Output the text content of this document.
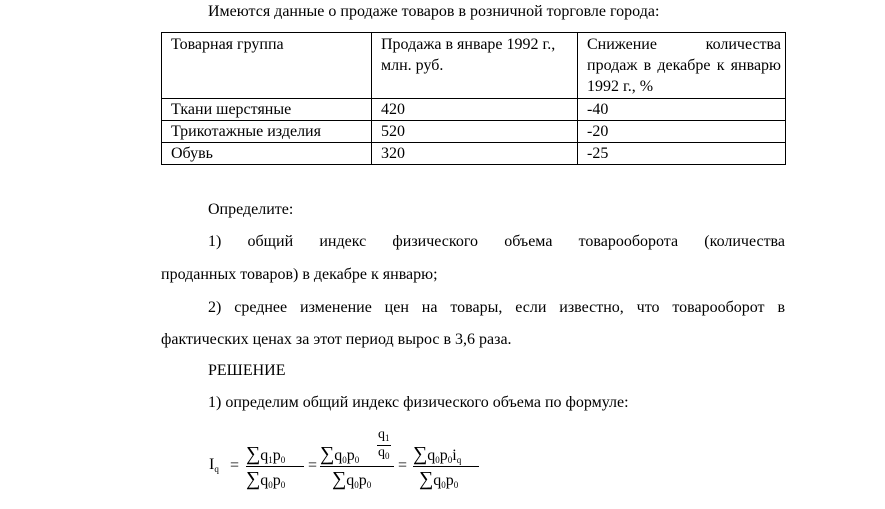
Имеются данные о продаже товаров в розничной торговле города:
Товарная группа	Продажа в январе 1992 г., млн. руб.	Снижение количества продаж в декабре к январю 1992 г., %
Ткани шерстяные	420	-40
Трикотажные изделия	520	-20
Обувь	320	-25
Определите:
1) общий индекс физического объема товарооборота (количества
проданных товаров) в декабре к январю;
2) среднее изменение цен на товары, если известно, что товарооборот в
фактических ценах за этот период вырос в 3,6 раза.
РЕШЕНИЕ
1) определим общий индекс физического объема по формуле:
$I_q$ =
$\sum q_1p_0$
$\sum q_0p_0$
=
$\sum q_0p_0$
$q_1$
$q_0$
$\sum q_0p_0$
=
$\sum q_0p_0i_q$
$\sum q_0p_0$
